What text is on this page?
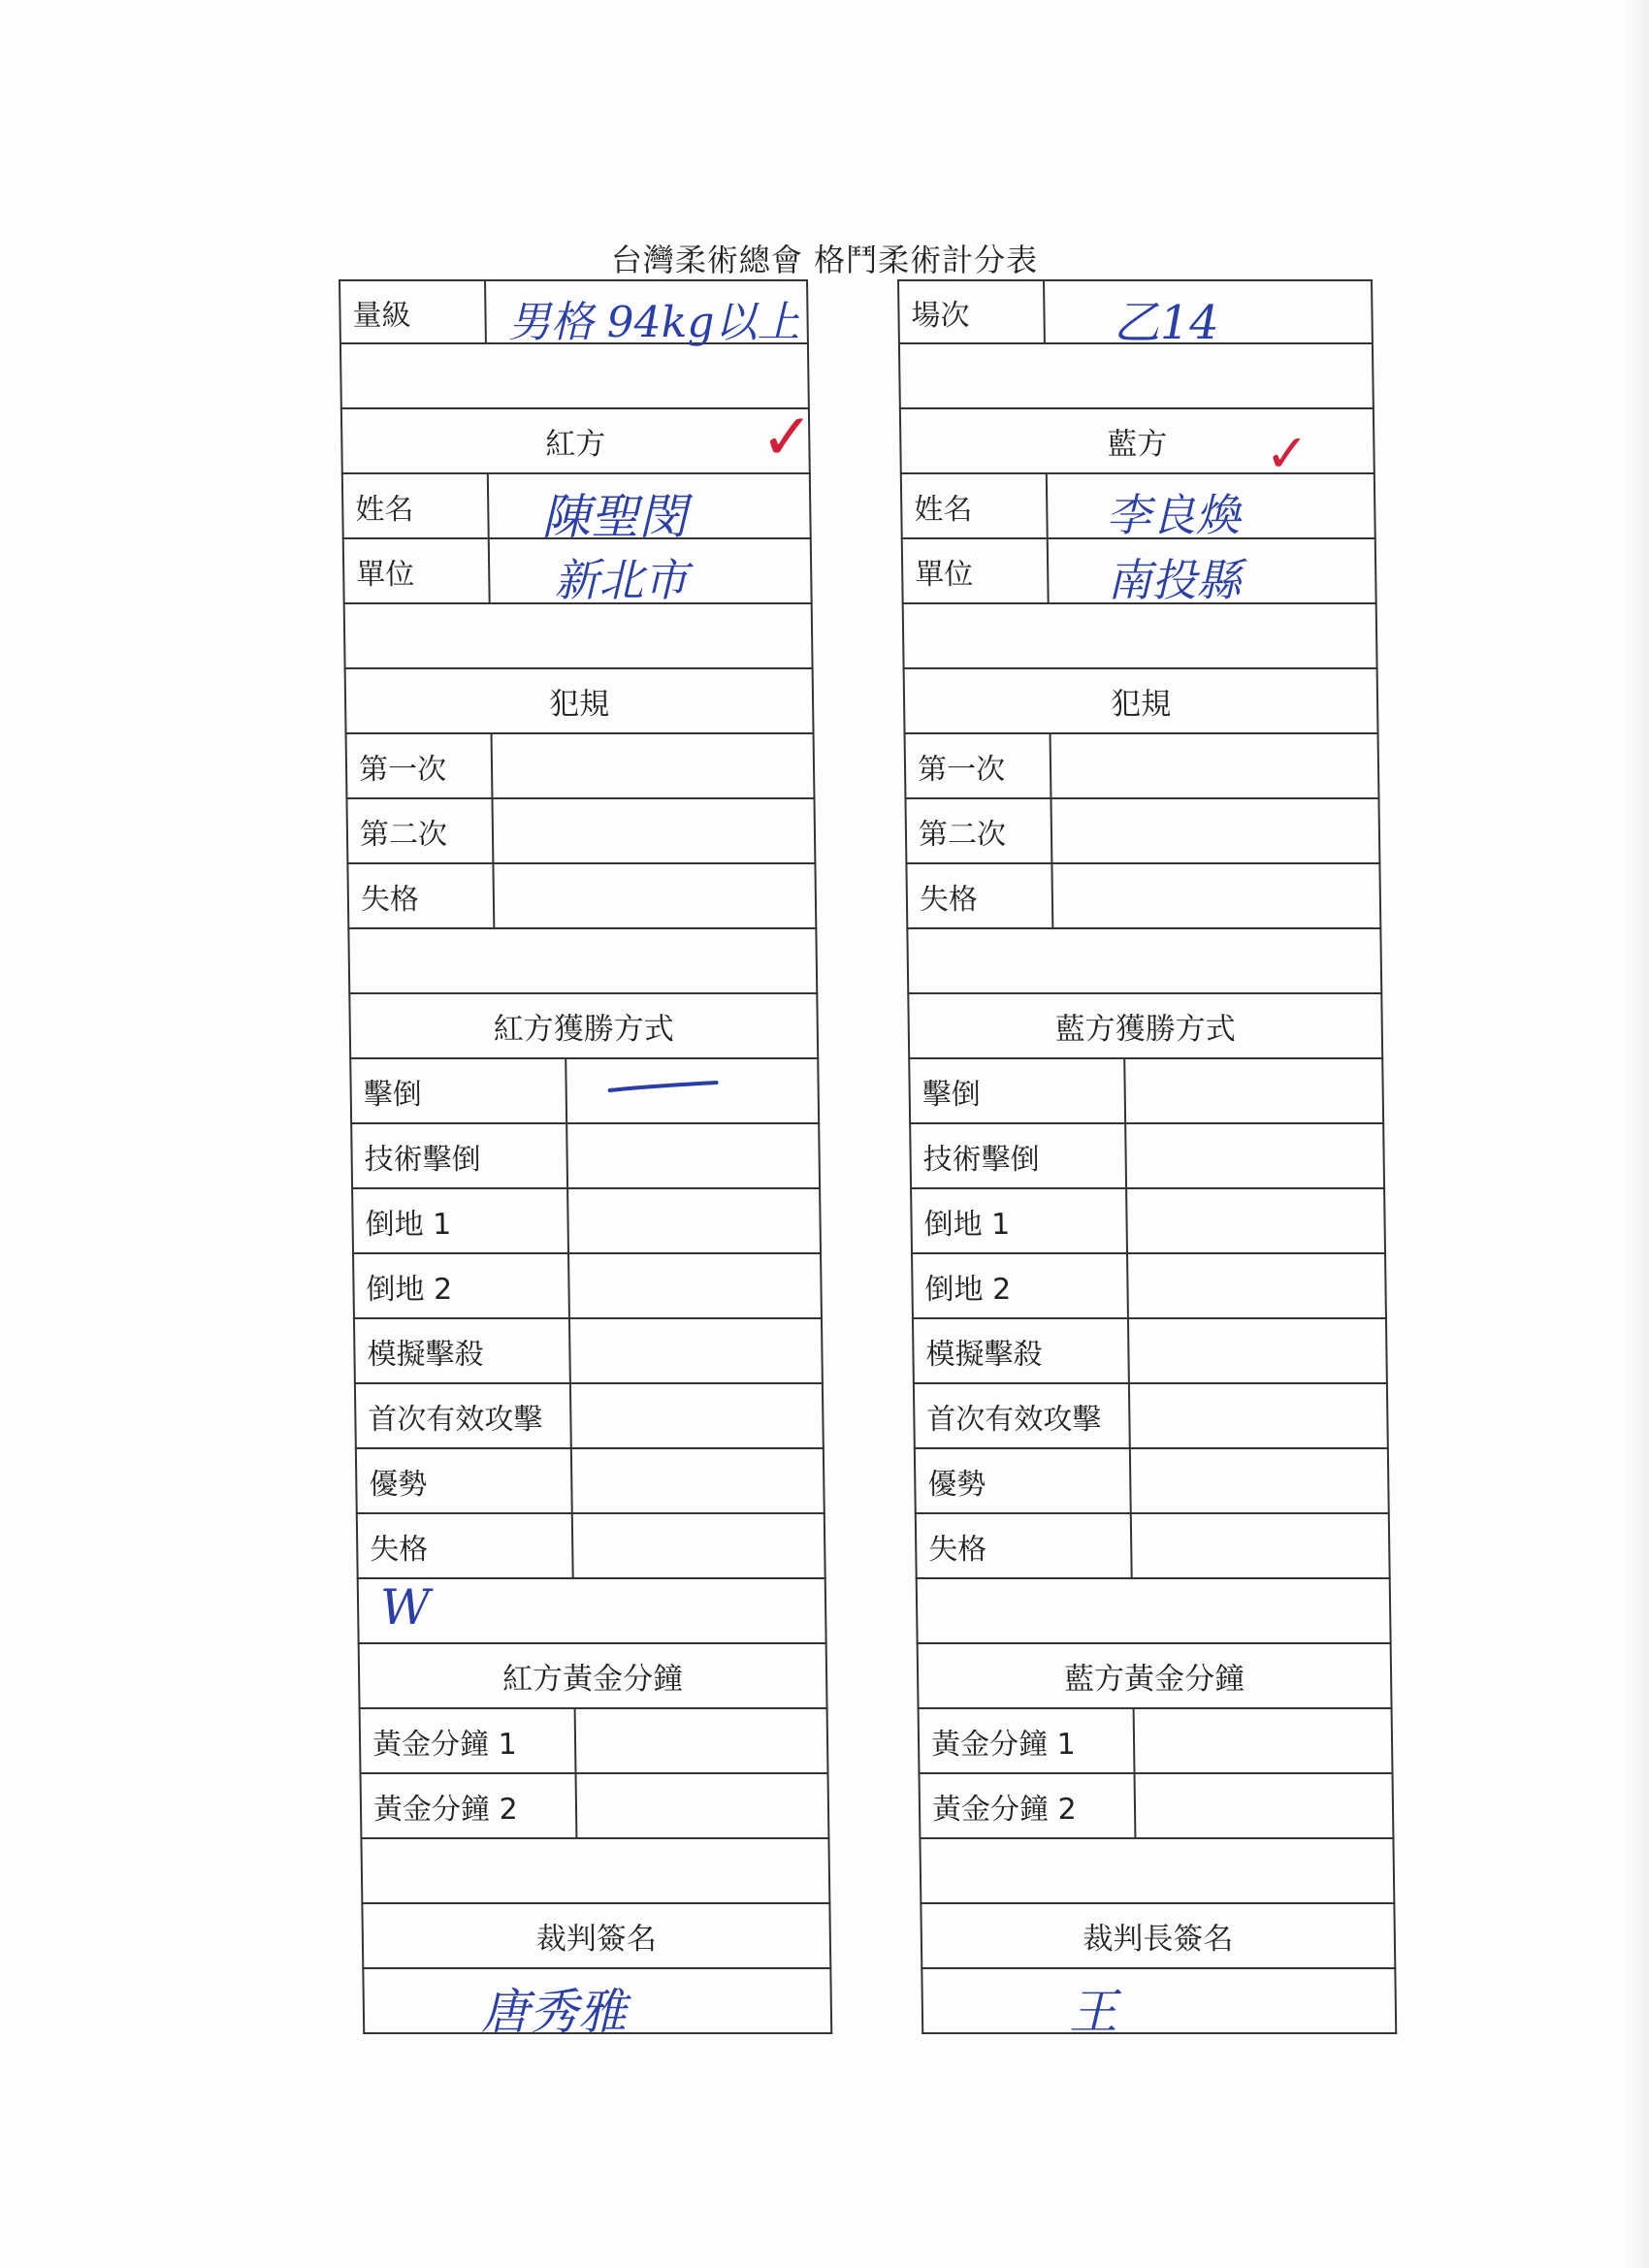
台灣柔術總會 格鬥柔術計分表
量級	男格 94kg以上
紅方 ✓
姓名	陳聖閔
單位	新北市
犯規
第一次
第二次
失格
紅方獲勝方式
擊倒
技術擊倒
倒地 1
倒地 2
模擬擊殺
首次有效攻擊
優勢
失格
W
紅方黃金分鐘
黃金分鐘 1
黃金分鐘 2
裁判簽名
唐秀雅
場次	乙14
藍方 ✓
姓名	李良煥
單位	南投縣
犯規
第一次
第二次
失格
藍方獲勝方式
擊倒
技術擊倒
倒地 1
倒地 2
模擬擊殺
首次有效攻擊
優勢
失格
藍方黃金分鐘
黃金分鐘 1
黃金分鐘 2
裁判長簽名
王
